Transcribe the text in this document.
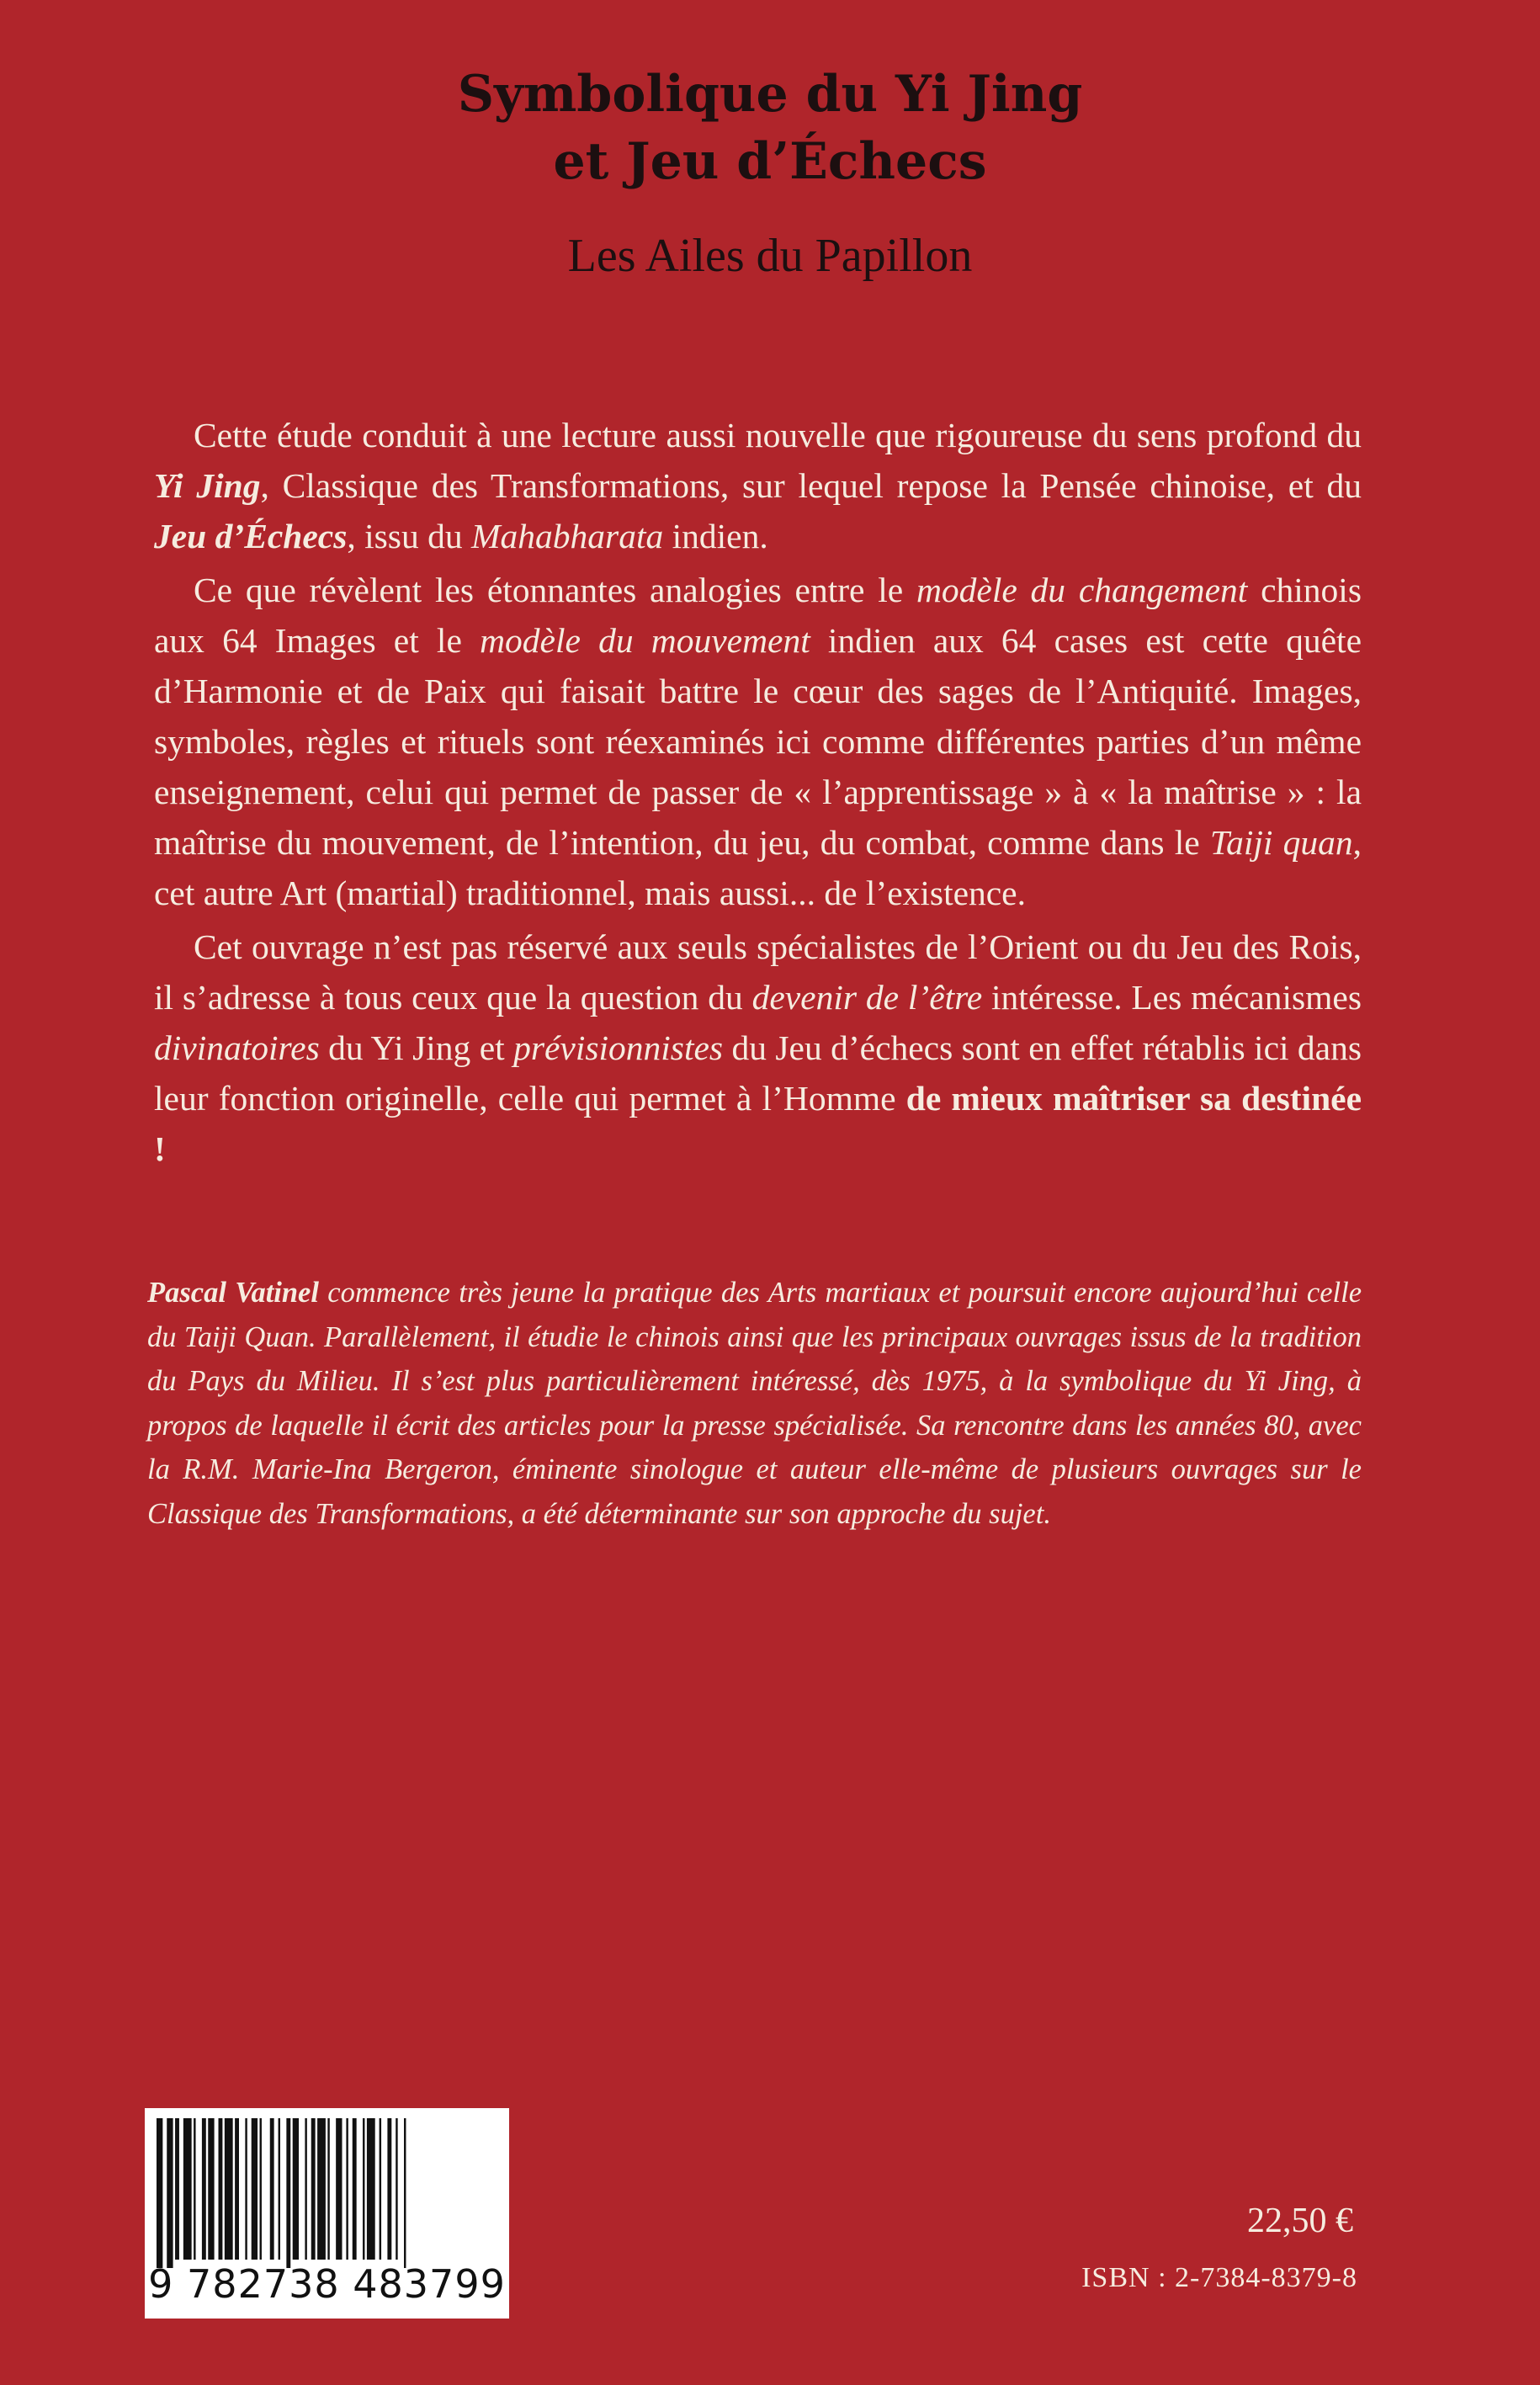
Symbolique du Yi Jing
et Jeu d’Échecs
Les Ailes du Papillon

Cette étude conduit à une lecture aussi nouvelle que rigoureuse du sens profond du Yi Jing, Classique des Transformations, sur lequel repose la Pensée chinoise, et du Jeu d’Échecs, issu du Mahabharata indien.

Ce que révèlent les étonnantes analogies entre le modèle du changement chinois aux 64 Images et le modèle du mouvement indien aux 64 cases est cette quête d’Harmonie et de Paix qui faisait battre le cœur des sages de l’Antiquité. Images, symboles, règles et rituels sont réexaminés ici comme différentes parties d’un même enseignement, celui qui permet de passer de « l’apprentissage » à « la maîtrise » : la maîtrise du mouvement, de l’intention, du jeu, du combat, comme dans le Taiji quan, cet autre Art (martial) traditionnel, mais aussi... de l’existence.

Cet ouvrage n’est pas réservé aux seuls spécialistes de l’Orient ou du Jeu des Rois, il s’adresse à tous ceux que la question du devenir de l’être intéresse. Les mécanismes divinatoires du Yi Jing et prévisionnistes du Jeu d’échecs sont en effet rétablis ici dans leur fonction originelle, celle qui permet à l’Homme de mieux maîtriser sa destinée !

Pascal Vatinel commence très jeune la pratique des Arts martiaux et poursuit encore aujourd’hui celle du Taiji Quan. Parallèlement, il étudie le chinois ainsi que les principaux ouvrages issus de la tradition du Pays du Milieu. Il s’est plus particulièrement intéressé, dès 1975, à la symbolique du Yi Jing, à propos de laquelle il écrit des articles pour la presse spécialisée. Sa rencontre dans les années 80, avec la R.M. Marie-Ina Bergeron, éminente sinologue et auteur elle-même de plusieurs ouvrages sur le Classique des Transformations, a été déterminante sur son approche du sujet.

9 782738 483799
22,50 €
ISBN : 2-7384-8379-8
